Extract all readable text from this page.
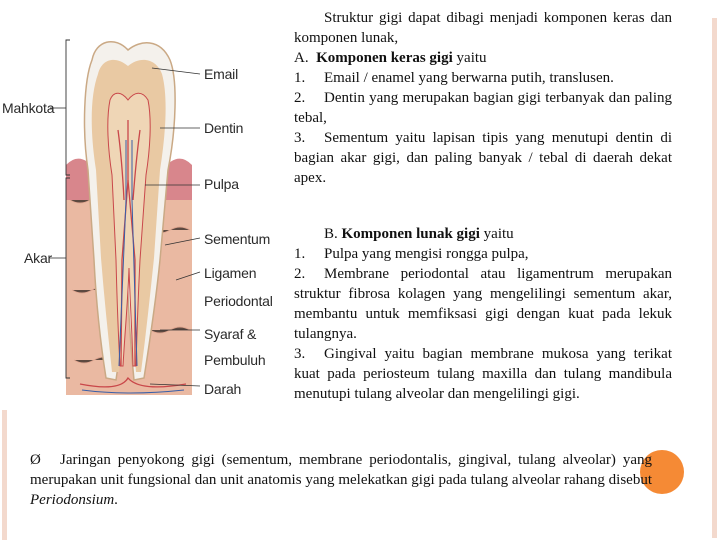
Email
Mahkota
Dentin
Pulpa
Akar
Sementum
Ligamen
Periodontal
Syaraf &
Pembuluh
Darah

Struktur gigi dapat dibagi menjadi komponen keras dan komponen lunak,

A. Komponen keras gigi yaitu

1. Email / enamel yang berwarna putih, translusen.

2. Dentin yang merupakan bagian gigi terbanyak dan paling tebal,

3. Sementum yaitu lapisan tipis yang menutupi dentin di bagian akar gigi, dan paling banyak / tebal di daerah dekat apex.

B. Komponen lunak gigi yaitu

1. Pulpa yang mengisi rongga pulpa,

2. Membrane periodontal atau ligamentrum merupakan struktur fibrosa kolagen yang mengelilingi sementum akar, membantu untuk memfiksasi gigi dengan kuat pada lekuk tulangnya.

3. Gingival yaitu bagian membrane mukosa yang terikat kuat pada periosteum tulang maxilla dan tulang mandibula menutupi tulang alveolar dan mengelilingi gigi.

Ø	Jaringan penyokong gigi (sementum, membrane periodontalis, gingival, tulang alveolar) yang merupakan unit fungsional dan unit anatomis yang melekatkan gigi pada tulang alveolar rahang disebut Periodonsium.
